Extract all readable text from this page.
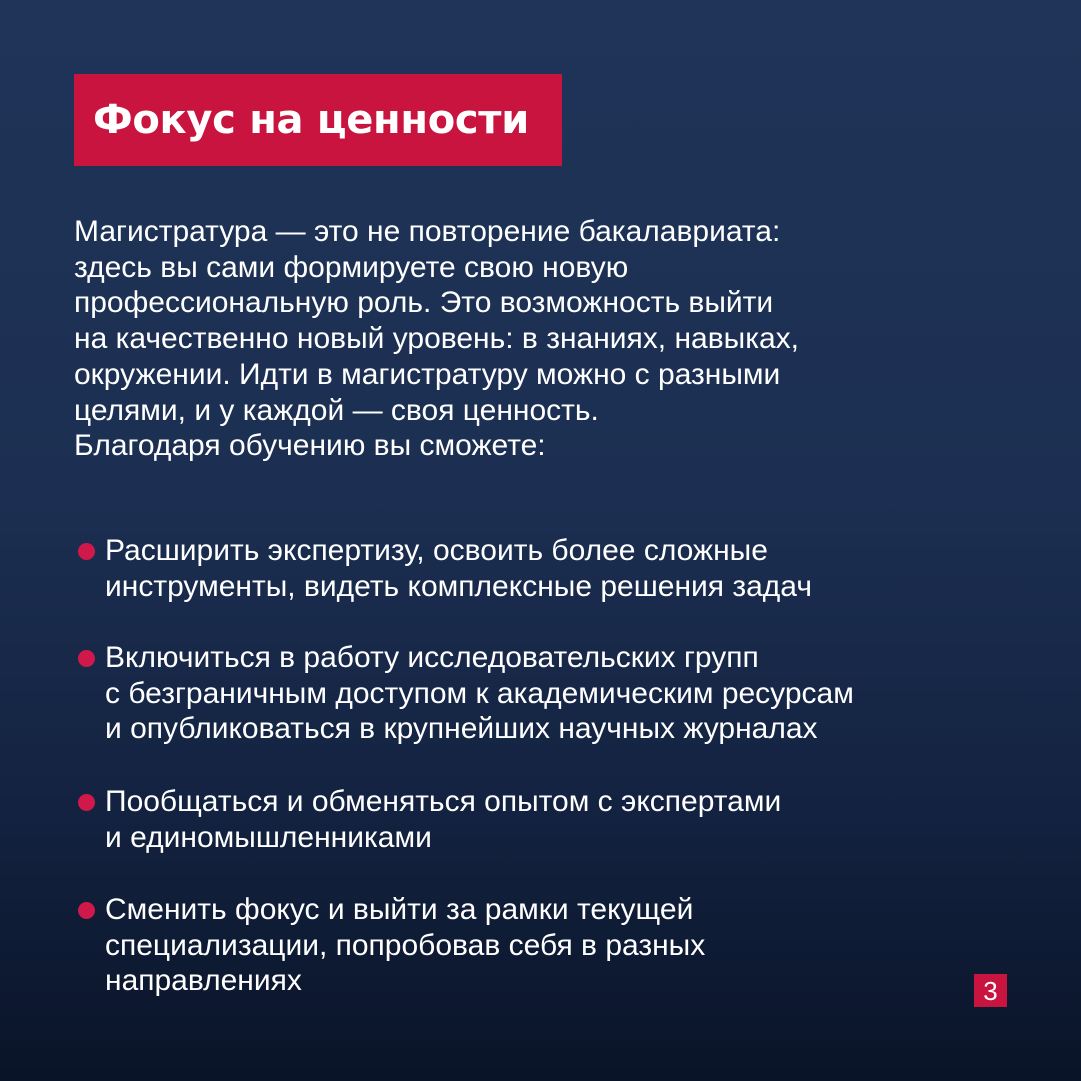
Фокус на ценности
Магистратура — это не повторение бакалавриата:
здесь вы сами формируете свою новую
профессиональную роль. Это возможность выйти
на качественно новый уровень: в знаниях, навыках,
окружении. Идти в магистратуру можно с разными
целями, и у каждой — своя ценность.
Благодаря обучению вы сможете:
Расширить экспертизу, освоить более сложные
инструменты, видеть комплексные решения задач
Включиться в работу исследовательских групп
с безграничным доступом к академическим ресурсам
и опубликоваться в крупнейших научных журналах
Пообщаться и обменяться опытом с экспертами
и единомышленниками
Сменить фокус и выйти за рамки текущей
специализации, попробовав себя в разных
направлениях	3
